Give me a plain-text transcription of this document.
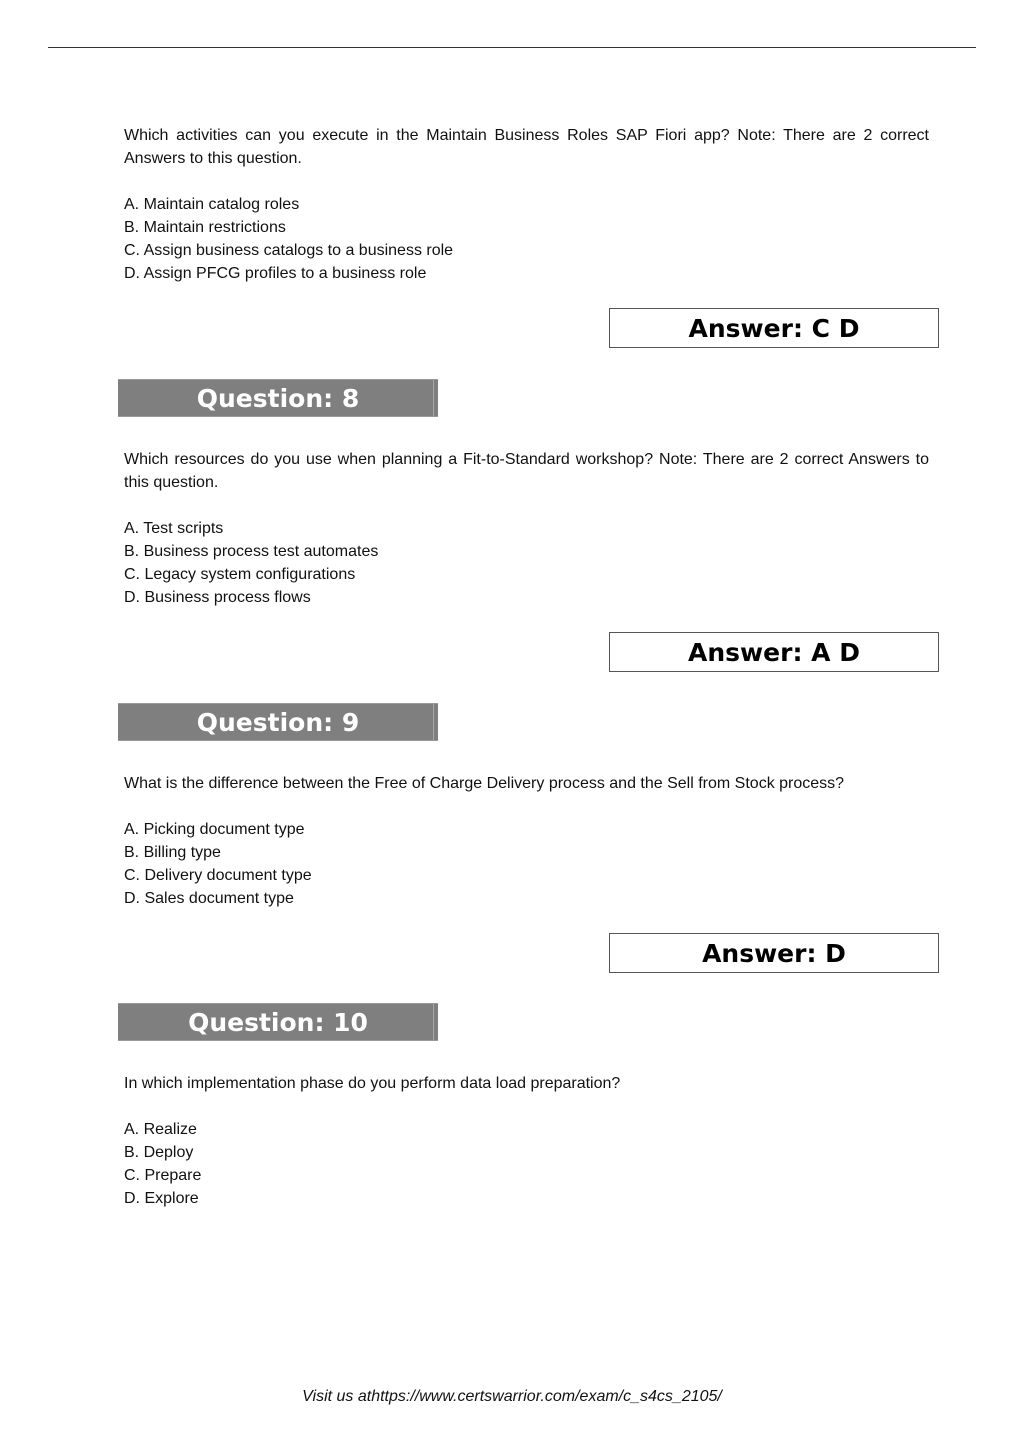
Which activities can you execute in the Maintain Business Roles SAP Fiori app? Note: There are 2 correct Answers to this question.

A. Maintain catalog roles
B. Maintain restrictions
C. Assign business catalogs to a business role
D. Assign PFCG profiles to a business role
Answer: C D
Question: 8

Which resources do you use when planning a Fit-to-Standard workshop? Note: There are 2 correct Answers to this question.

A. Test scripts
B. Business process test automates
C. Legacy system configurations
D. Business process flows
Answer: A D
Question: 9

What is the difference between the Free of Charge Delivery process and the Sell from Stock process?

A. Picking document type
B. Billing type
C. Delivery document type
D. Sales document type
Answer: D
Question: 10

In which implementation phase do you perform data load preparation?

A. Realize
B. Deploy
C. Prepare
D. Explore
Visit us athttps://www.certswarrior.com/exam/c_s4cs_2105/
